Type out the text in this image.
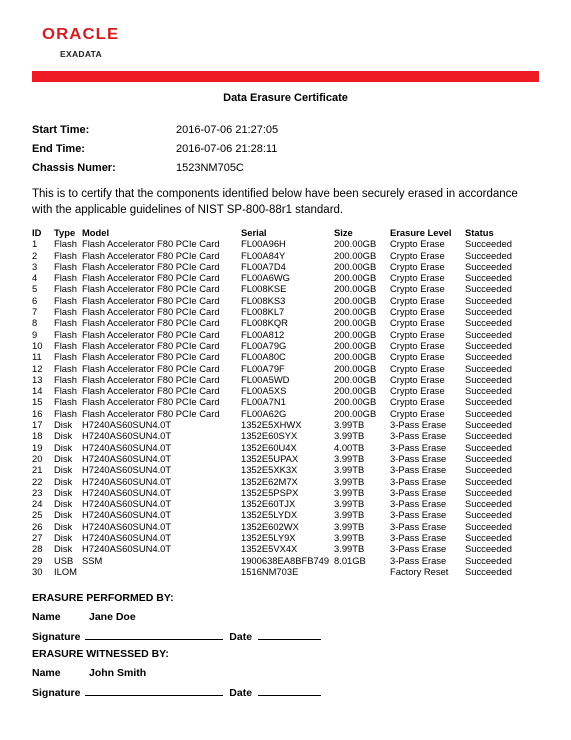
ORACLE
EXADATA
Data Erasure Certificate
Start Time:	2016-07-06 21:27:05
End Time:	2016-07-06 21:28:11
Chassis Numer:	1523NM705C
This is to certify that the components identified below have been securely erased in accordance with the applicable guidelines of NIST SP-800-88r1 standard.
ID	Type	Model	Serial	Size	Erasure Level	Status
1	Flash	Flash Accelerator F80 PCIe Card	FL00A96H	200.00GB	Crypto Erase	Succeeded
2	Flash	Flash Accelerator F80 PCIe Card	FL00A84Y	200.00GB	Crypto Erase	Succeeded
3	Flash	Flash Accelerator F80 PCIe Card	FL00A7D4	200.00GB	Crypto Erase	Succeeded
4	Flash	Flash Accelerator F80 PCIe Card	FL00A6WG	200.00GB	Crypto Erase	Succeeded
5	Flash	Flash Accelerator F80 PCIe Card	FL008KSE	200.00GB	Crypto Erase	Succeeded
6	Flash	Flash Accelerator F80 PCIe Card	FL008KS3	200.00GB	Crypto Erase	Succeeded
7	Flash	Flash Accelerator F80 PCIe Card	FL008KL7	200.00GB	Crypto Erase	Succeeded
8	Flash	Flash Accelerator F80 PCIe Card	FL008KQR	200.00GB	Crypto Erase	Succeeded
9	Flash	Flash Accelerator F80 PCIe Card	FL00A812	200.00GB	Crypto Erase	Succeeded
10	Flash	Flash Accelerator F80 PCIe Card	FL00A79G	200.00GB	Crypto Erase	Succeeded
11	Flash	Flash Accelerator F80 PCIe Card	FL00A80C	200.00GB	Crypto Erase	Succeeded
12	Flash	Flash Accelerator F80 PCIe Card	FL00A79F	200.00GB	Crypto Erase	Succeeded
13	Flash	Flash Accelerator F80 PCIe Card	FL00A5WD	200.00GB	Crypto Erase	Succeeded
14	Flash	Flash Accelerator F80 PCIe Card	FL00A5XS	200.00GB	Crypto Erase	Succeeded
15	Flash	Flash Accelerator F80 PCIe Card	FL00A7N1	200.00GB	Crypto Erase	Succeeded
16	Flash	Flash Accelerator F80 PCIe Card	FL00A62G	200.00GB	Crypto Erase	Succeeded
17	Disk	H7240AS60SUN4.0T	1352E5XHWX	3.99TB	3-Pass Erase	Succeeded
18	Disk	H7240AS60SUN4.0T	1352E60SYX	3.99TB	3-Pass Erase	Succeeded
19	Disk	H7240AS60SUN4.0T	1352E60U4X	4.00TB	3-Pass Erase	Succeeded
20	Disk	H7240AS60SUN4.0T	1352E5UPAX	3.99TB	3-Pass Erase	Succeeded
21	Disk	H7240AS60SUN4.0T	1352E5XK3X	3.99TB	3-Pass Erase	Succeeded
22	Disk	H7240AS60SUN4.0T	1352E62M7X	3.99TB	3-Pass Erase	Succeeded
23	Disk	H7240AS60SUN4.0T	1352E5PSPX	3.99TB	3-Pass Erase	Succeeded
24	Disk	H7240AS60SUN4.0T	1352E60TJX	3.99TB	3-Pass Erase	Succeeded
25	Disk	H7240AS60SUN4.0T	1352E5LYDX	3.99TB	3-Pass Erase	Succeeded
26	Disk	H7240AS60SUN4.0T	1352E602WX	3.99TB	3-Pass Erase	Succeeded
27	Disk	H7240AS60SUN4.0T	1352E5LY9X	3.99TB	3-Pass Erase	Succeeded
28	Disk	H7240AS60SUN4.0T	1352E5VX4X	3.99TB	3-Pass Erase	Succeeded
29	USB	SSM	1900638EA8BFB749	8.01GB	3-Pass Erase	Succeeded
30	ILOM		1516NM703E		Factory Reset	Succeeded
ERASURE PERFORMED BY:
Name	Jane Doe
Signature	Date
ERASURE WITNESSED BY:
Name	John Smith
Signature	Date
